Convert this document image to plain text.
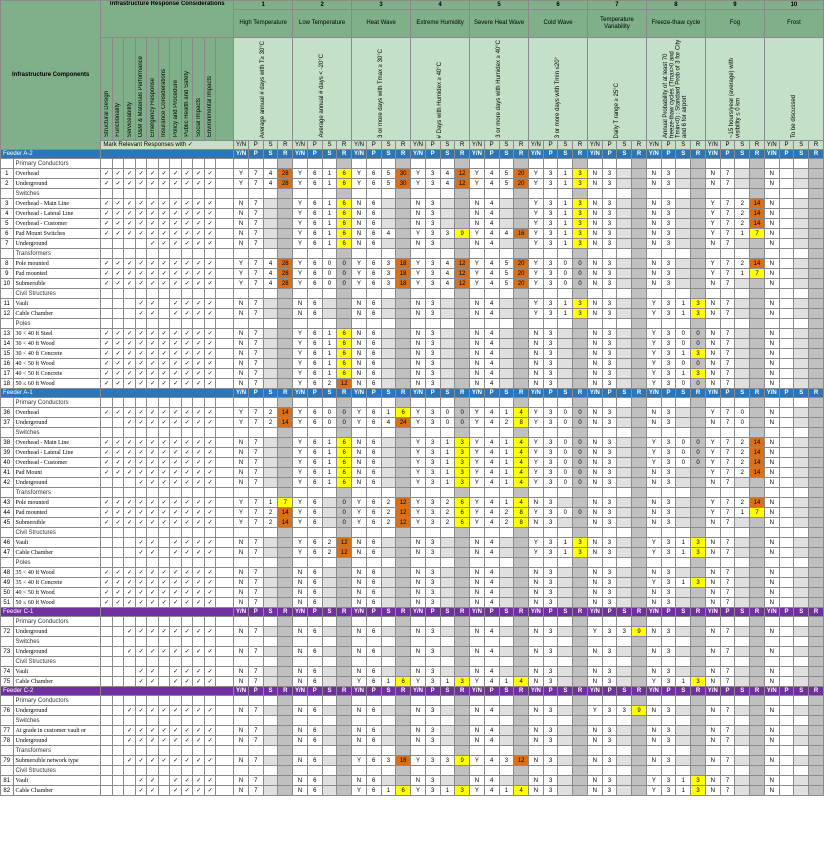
Infrastructure Components		Infrastructure Response Considerations											1				2				3				4				5				6				7				8				9				10			
													High Temperature				Low Temperature				Heat Wave				Extreme Humidity				Severe Heat Wave				Cold Wave				Temperature Variability				Freeze-thaw cycle				Fog				Frost			
		Structural Design	Functionality	Serviceability	O&M & Materials Performance	Emergency Response	Insurance Considerations	Policy and Procedure	Public Health and Safety	Social Impacts	Environmental Impacts		Average annual # days with T≥ 30°C				Average annual # days < -20°C				3 or more days with Tmax ≥ 30°C				# Days with Humidex ≥ 40°C				3 or more days with Humidex ≥ 40°C				3 or more days with Tmin ≤20°				Daily T range ≥ 25°C				Annual Probability of at least 70 freeze-thaw cycles (Tmax>0 and Tmin<0) : Standard Prob of 3 for City and 6 for airport				~15 hours/year (average) with visibility ≤ 0 km				To be discussed			
		Mark Relevant Responses with ✓											Y/N	P	S	R	Y/N	P	S	R	Y/N	P	S	R	Y/N	P	S	R	Y/N	P	S	R	Y/N	P	S	R	Y/N	P	S	R	Y/N	P	S	R	Y/N	P	S	R	Y/N	P	S	R
Feeder A-2													Y/N	P	S	R	Y/N	P	S	R	Y/N	P	S	R	Y/N	P	S	R	Y/N	P	S	R	Y/N	P	S	R	Y/N	P	S	R	Y/N	P	S	R	Y/N	P	S	R	Y/N	P	S	R
	Primary Conductors																																																			
1	Overhead	✓	✓	✓	✓	✓	✓	✓	✓	✓	✓		Y	7	4	28	Y	6	1	6	Y	6	5	30	Y	3	4	12	Y	4	5	20	Y	3	1	3	N	3			N	3			N	7			N			
2	Underground	✓	✓	✓	✓	✓	✓	✓	✓	✓	✓		Y	7	4	28	Y	6	1	6	Y	6	5	30	Y	3	4	12	Y	4	5	20	Y	3	1	3	N	3			N	3			N	7			N			
	Switches																																																			
3	Overhead - Main Line	✓	✓	✓	✓	✓	✓	✓	✓	✓	✓		N	7			Y	6	1	6	N	6			N	3			N	4			Y	3	1	3	N	3			N	3			Y	7	2	14	N			
4	Overhead - Lateral Line	✓	✓	✓	✓	✓	✓	✓	✓	✓	✓		N	7			Y	6	1	6	N	6			N	3			N	4			Y	3	1	3	N	3			N	3			Y	7	2	14	N			
5	Overhead - Customer	✓	✓	✓	✓	✓	✓	✓	✓	✓	✓		N	7			Y	6	1	6	N	6			N	3			N	4			Y	3	1	3	N	3			N	3			Y	7	2	14	N			
6	Pad Mount Switches	✓	✓	✓	✓	✓	✓	✓	✓	✓	✓		N	7			Y	6	1	6	N	6	4		Y	3	3	9	Y	4	4	16	Y	3	1	3	N	3			N	3			Y	7	1	7	N			
7	Underground					✓	✓	✓	✓	✓	✓		N	7			Y	6	1	6	N	6			N	3			N	4			Y	3	1	3	N	3			N	3			N	7			N			
	Transformers																																																			
8	Pole mounted	✓	✓	✓	✓	✓	✓	✓	✓	✓	✓		Y	7	4	28	Y	6	0	0	Y	6	3	18	Y	3	4	12	Y	4	5	20	Y	3	0	0	N	3			N	3			Y	7	2	14	N			
9	Pad mounted	✓	✓	✓	✓	✓	✓	✓	✓	✓	✓		Y	7	4	28	Y	6	0	0	Y	6	3	18	Y	3	4	12	Y	4	5	20	Y	3	0	0	N	3			N	3			Y	7	1	7	N			
10	Submersible	✓	✓	✓	✓	✓	✓	✓	✓	✓	✓		Y	7	4	28	Y	6	0	0	Y	6	3	18	Y	3	4	12	Y	4	5	20	Y	3	0	0	N	3			N	3			N	7			N			
	Civil Structures																																																			
11	Vault				✓	✓		✓	✓	✓	✓		N	7			N	6			N	6			N	3			N	4			Y	3	1	3	N	3			Y	3	1	3	N	7			N			
12	Cable Chamber				✓	✓		✓	✓	✓	✓		N	7			N	6			N	6			N	3			N	4			Y	3	1	3	N	3			Y	3	1	3	N	7			N			
	Poles																																																			
13	30 < 40 ft Steel	✓	✓	✓	✓	✓	✓	✓	✓	✓	✓		N	7			Y	6	1	6	N	6			N	3			N	4			N	3			N	3			Y	3	0	0	N	7			N			
14	30 < 40 ft Wood	✓	✓	✓	✓	✓	✓	✓	✓	✓	✓		N	7			Y	6	1	6	N	6			N	3			N	4			N	3			N	3			Y	3	0	0	N	7			N			
15	30 < 40 ft Concrete	✓	✓	✓	✓	✓	✓	✓	✓	✓	✓		N	7			Y	6	1	6	N	6			N	3			N	4			N	3			N	3			Y	3	1	3	N	7			N			
16	40 < 50 ft Wood	✓	✓	✓	✓	✓	✓	✓	✓	✓	✓		N	7			Y	6	1	6	N	6			N	3			N	4			N	3			N	3			Y	3	0	0	N	7			N			
17	40 < 50 ft Concrete	✓	✓	✓	✓	✓	✓	✓	✓	✓	✓		N	7			Y	6	1	6	N	6			N	3			N	4			N	3			N	3			Y	3	1	3	N	7			N			
18	50 ≤ 60 ft Wood	✓	✓	✓	✓	✓	✓	✓	✓	✓	✓		N	7			Y	6	2	12	N	6			N	3			N	4			N	3			N	3			Y	3	0	0	N	7			N			
Feeder A-1													Y/N	P	S	R	Y/N	P	S	R	Y/N	P	S	R	Y/N	P	S	R	Y/N	P	S	R	Y/N	P	S	R	Y/N	P	S	R	Y/N	P	S	R	Y/N	P	S	R	Y/N	P	S	R
	Primary Conductors																																																			
36	Overhead	✓	✓	✓	✓	✓	✓	✓	✓	✓	✓		Y	7	2	14	Y	6	0	0	Y	6	1	6	Y	3	0	0	Y	4	1	4	Y	3	0	0	N	3			N	3			Y	7	0		N			
37	Underground			✓	✓	✓	✓	✓	✓	✓	✓		Y	7	2	14	Y	6	0	0	Y	6	4	24	Y	3	0	0	Y	4	2	8	Y	3	0	0	N	3			N	3			N	7	0		N			
	Switches																																																			
38	Overhead - Main Line	✓	✓	✓	✓	✓	✓	✓	✓	✓	✓		N	7			Y	6	1	6	N	6			Y	3	1	3	Y	4	1	4	Y	3	0	0	N	3			Y	3	0	0	Y	7	2	14	N			
39	Overhead - Lateral Line	✓	✓	✓	✓	✓	✓	✓	✓	✓	✓		N	7			Y	6	1	6	N	6			Y	3	1	3	Y	4	1	4	Y	3	0	0	N	3			Y	3	0	0	Y	7	2	14	N			
40	Overhead - Customer	✓	✓	✓	✓	✓	✓	✓	✓	✓	✓		N	7			Y	6	1	6	N	6			Y	3	1	3	Y	4	1	4	Y	3	0	0	N	3			Y	3	0	0	Y	7	2	14	N			
41	Pad Mount	✓	✓	✓	✓	✓	✓	✓	✓	✓	✓		N	7			Y	6	1	6	N	6			Y	3	1	3	Y	4	1	4	Y	3	0	0	N	3			N	3			Y	7	2	14	N			
42	Underground				✓	✓	✓	✓	✓	✓	✓		N	7			Y	6	1	6	N	6			Y	3	1	3	Y	4	1	4	Y	3	0	0	N	3			N	3			N	7			N			
	Transformers																																																			
43	Pole mounted	✓	✓	✓	✓	✓	✓	✓	✓	✓	✓		Y	7	1	7	Y	6		0	Y	6	2	12	Y	3	2	6	Y	4	1	4	N	3			N	3			N	3			Y	7	2	14	N			
44	Pad mounted	✓	✓	✓	✓	✓	✓	✓	✓	✓	✓		Y	7	2	14	Y	6		0	Y	6	2	12	Y	3	2	6	Y	4	2	8	Y	3	0	0	N	3			N	3			Y	7	1	7	N			
45	Submersible	✓	✓	✓	✓	✓	✓	✓	✓	✓	✓		Y	7	2	14	Y	6		0	Y	6	2	12	Y	3	2	6	Y	4	2	8	N	3			N	3			N	3			N	7			N			
	Civil Structures																																																			
46	Vault				✓	✓		✓	✓	✓	✓		N	7			Y	6	2	12	N	6			N	3			N	4			Y	3	1	3	N	3			Y	3	1	3	N	7			N			
47	Cable Chamber				✓	✓		✓	✓	✓	✓		N	7			Y	6	2	12	N	6			N	3			N	4			Y	3	1	3	N	3			Y	3	1	3	N	7			N			
	Poles																																																			
48	35 < 40 ft Wood	✓	✓	✓	✓	✓	✓	✓	✓	✓	✓		N	7			N	6			N	6			N	3			N	4			N	3			N	3			N	3			N	7			N			
49	35 < 40 ft Concrete	✓	✓	✓	✓	✓	✓	✓	✓	✓	✓		N	7			N	6			N	6			N	3			N	4			N	3			N	3			Y	3	1	3	N	7			N			
50	40 < 50 ft Wood	✓	✓	✓	✓	✓	✓	✓	✓	✓	✓		N	7			N	6			N	6			N	3			N	4			N	3			N	3			N	3			N	7			N			
51	50 ≤ 60 ft Wood	✓	✓	✓	✓	✓	✓	✓	✓	✓	✓		N	7			N	6			N	6			N	3			N	4			N	3			N	3			N	3			N	7			N			
Feeder C-1													Y/N	P	S	R	Y/N	P	S	R	Y/N	P	S	R	Y/N	P	S	R	Y/N	P	S	R	Y/N	P	S	R	Y/N	P	S	R	Y/N	P	S	R	Y/N	P	S	R	Y/N	P	S	R
	Primary Conductors																																																			
72	Underground			✓	✓	✓	✓	✓	✓	✓	✓		N	7			N	6			N	6			N	3			N	4			N	3			Y	3	3	9	N	3			N	7			N			
	Switches																																																			
73	Underground			✓	✓	✓	✓	✓	✓	✓	✓		N	7			N	6			N	6			N	3			N	4			N	3			N	3			N	3			N	7			N			
	Civil Structures																																																			
74	Vault				✓	✓		✓	✓	✓	✓		N	7			N	6			N	6			N	3			N	4			N	3			N	3			N	3			N	7			N			
75	Cable Chamber				✓	✓		✓	✓	✓	✓		N	7			N	6			Y	6	1	6	Y	3	1	3	Y	4	1	4	N	3			N	3			Y	3	1	3	N	7			N			
Feeder C-2													Y/N	P	S	R	Y/N	P	S	R	Y/N	P	S	R	Y/N	P	S	R	Y/N	P	S	R	Y/N	P	S	R	Y/N	P	S	R	Y/N	P	S	R	Y/N	P	S	R	Y/N	P	S	R
	Primary Conductors																																																			
76	Underground			✓	✓	✓	✓	✓	✓	✓	✓		N	7			N	6			N	6			N	3			N	4			N	3			Y	3	3	9	N	3			N	7			N			
	Switches																																																			
77	At grade in customer vault or			✓	✓	✓	✓	✓	✓	✓	✓		N	7			N	6			N	6			N	3			N	4			N	3			N	3			N	3			N	7			N			
78	Underground			✓	✓	✓	✓	✓	✓	✓	✓		N	7			N	6			N	6			N	3			N	4			N	3			N	3			N	3			N	7			N			
	Transformers																																																			
79	Submersible network type			✓	✓	✓	✓	✓	✓	✓	✓		N	7			N	6			Y	6	3	18	Y	3	3	9	Y	4	3	12	N	3			N	3			N	3			N	7			N			
	Civil Structures																																																			
81	Vault				✓	✓		✓	✓	✓	✓		N	7			N	6			N	6			N	3			N	4			N	3			N	3			Y	3	1	3	N	7			N			
82	Cable Chamber				✓	✓		✓	✓	✓	✓		N	7			N	6			Y	6	1	6	Y	3	1	3	Y	4	1	4	N	3			N	3			Y	3	1	3	N	7			N			
